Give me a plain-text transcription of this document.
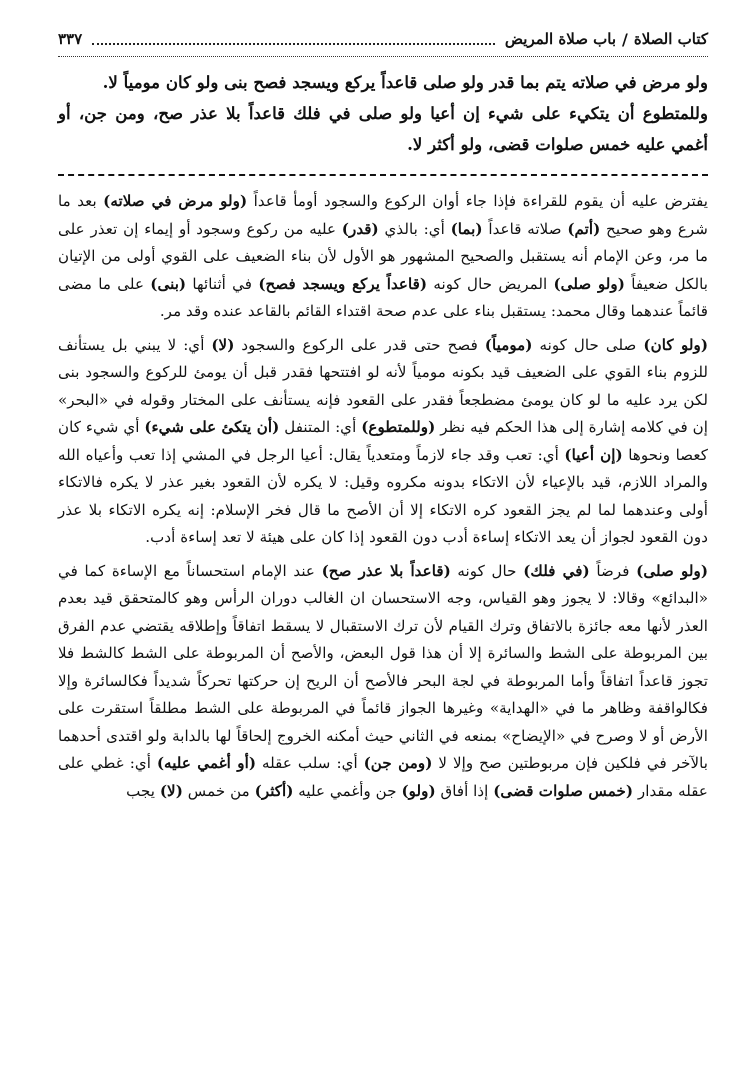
كتاب الصلاة
/
باب صلاة المريض
٣٣٧

ولو مرض في صلاته يتم بما قدر ولو صلى قاعداً يركع ويسجد فصح بنى ولو كان مومياً لا.

وللمتطوع أن يتكيء على شيء إن أعيا ولو صلى في فلك قاعداً بلا عذر صح، ومن جن، أو أغمي عليه خمس صلوات قضى، ولو أكثر لا.

يفترض عليه أن يقوم للقراءة فإذا جاء أوان الركوع والسجود أومأ قاعداً (ولو مرض في صلاته) بعد ما شرع وهو صحيح (أتم) صلاته قاعداً (بما) أي: بالذي (قدر) عليه من ركوع وسجود أو إيماء إن تعذر على ما مر، وعن الإمام أنه يستقبل والصحيح المشهور هو الأول لأن بناء الضعيف على القوي أولى من الإتيان بالكل ضعيفاً (ولو صلى) المريض حال كونه (قاعداً يركع ويسجد فصح) في أثنائها (بنى) على ما مضى قائماً عندهما وقال محمد: يستقبل بناء على عدم صحة اقتداء القائم بالقاعد عنده وقد مر.

(ولو كان) صلى حال كونه (مومياً) فصح حتى قدر على الركوع والسجود (لا) أي: لا يبني بل يستأنف للزوم بناء القوي على الضعيف قيد بكونه مومياً لأنه لو افتتحها فقدر قبل أن يومئ للركوع والسجود بنى لكن يرد عليه ما لو كان يومئ مضطجعاً فقدر على القعود فإنه يستأنف على المختار وقوله في «البحر» إن في كلامه إشارة إلى هذا الحكم فيه نظر (وللمتطوع) أي: المتنفل (أن يتكئ على شيء) أي شيء كان كعصا ونحوها (إن أعيا) أي: تعب وقد جاء لازماً ومتعدياً يقال: أعيا الرجل في المشي إذا تعب وأعياه الله والمراد اللازم، قيد بالإعياء لأن الاتكاء بدونه مكروه وقيل: لا يكره لأن القعود بغير عذر لا يكره فالاتكاء أولى وعندهما لما لم يجز القعود كره الاتكاء إلا أن الأصح ما قال فخر الإسلام: إنه يكره الاتكاء بلا عذر دون القعود لجواز أن يعد الاتكاء إساءة أدب دون القعود إذا كان على هيئة لا تعد إساءة أدب.

(ولو صلى) فرضاً (في فلك) حال كونه (قاعداً بلا عذر صح) عند الإمام استحساناً مع الإساءة كما في «البدائع» وقالا: لا يجوز وهو القياس، وجه الاستحسان ان الغالب دوران الرأس وهو كالمتحقق قيد بعدم العذر لأنها معه جائزة بالاتفاق وترك القيام لأن ترك الاستقبال لا يسقط اتفاقاً وإطلاقه يقتضي عدم الفرق بين المربوطة على الشط والسائرة إلا أن هذا قول البعض، والأصح أن المربوطة على الشط كالشط فلا تجوز قاعداً اتفاقاً وأما المربوطة في لجة البحر فالأصح أن الريح إن حركتها تحركاً شديداً فكالسائرة وإلا فكالواقفة وظاهر ما في «الهداية» وغيرها الجواز قائماً في المربوطة على الشط مطلقاً استقرت على الأرض أو لا وصرح في «الإيضاح» بمنعه في الثاني حيث أمكنه الخروج إلحاقاً لها بالدابة ولو اقتدى أحدهما بالآخر في فلكين فإن مربوطتين صح وإلا لا (ومن جن) أي: سلب عقله (أو أغمي عليه) أي: غطي على عقله مقدار (خمس صلوات قضى) إذا أفاق (ولو) جن وأغمي عليه (أكثر) من خمس (لا) يجب
